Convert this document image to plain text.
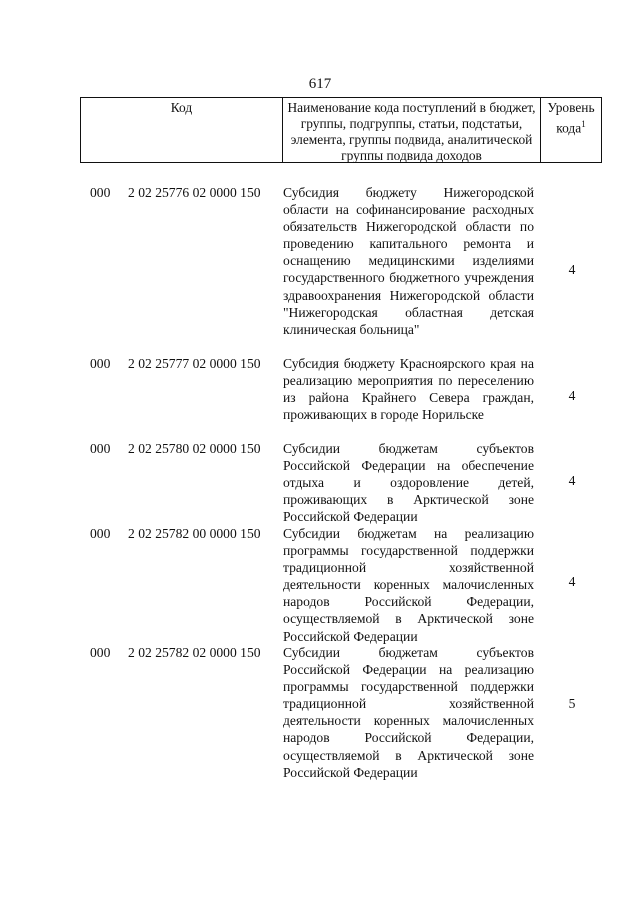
617
Код	Наименование кода поступлений в бюджет, группы, подгруппы, статьи, подстатьи, элемента, группы подвида, аналитической группы подвида доходов
Уровень кода$^1$
000 2 02 25776 02 0000 150 Субсидия бюджету Нижегородской области на софинансирование расходных обязательств Нижегородской области по проведению капитального ремонта и оснащению медицинскими изделиями государственного бюджетного учреждения здравоохранения Нижегородской области "Нижегородская областная детская клиническая больница"
4
000 2 02 25777 02 0000 150 Субсидия бюджету Красноярского края на реализацию мероприятия по переселению из района Крайнего Севера граждан, проживающих в городе Норильске
4
000 2 02 25780 02 0000 150 Субсидии бюджетам субъектов Российской Федерации на обеспечение отдыха и оздоровление детей, проживающих в Арктической зоне Российской Федерации
4
000 2 02 25782 00 0000 150 Субсидии бюджетам на реализацию программы государственной поддержки традиционной хозяйственной деятельности коренных малочисленных народов Российской Федерации, осуществляемой в Арктической зоне Российской Федерации
4
000 2 02 25782 02 0000 150 Субсидии бюджетам субъектов Российской Федерации на реализацию программы государственной поддержки традиционной хозяйственной деятельности коренных малочисленных народов Российской Федерации, осуществляемой в Арктической зоне Российской Федерации
5
